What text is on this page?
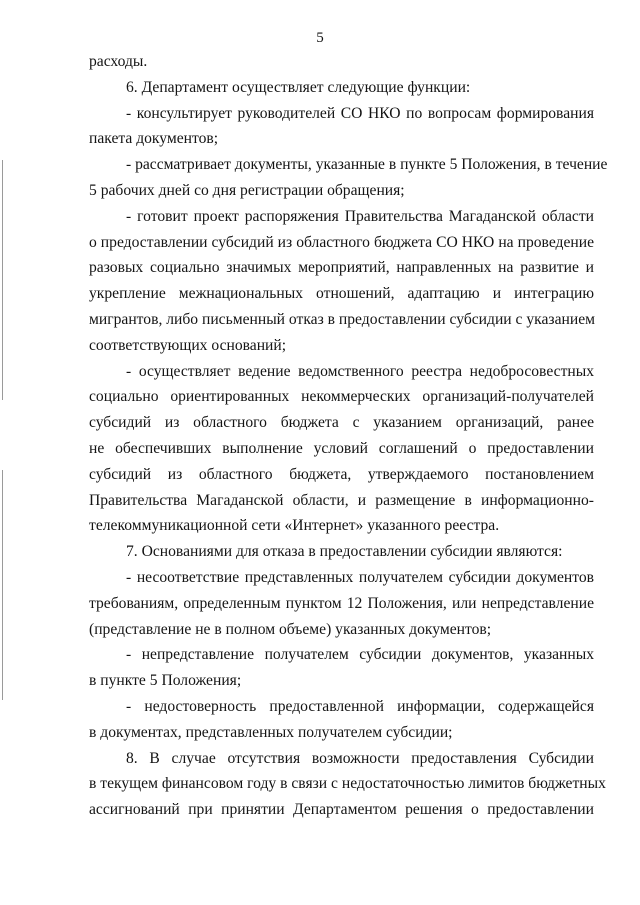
5
расходы.
6. Департамент осуществляет следующие функции:
- консультирует руководителей СО НКО по вопросам формирования
пакета документов;
- рассматривает документы, указанные в пункте 5 Положения, в течение
5 рабочих дней со дня регистрации обращения;
- готовит проект распоряжения Правительства Магаданской области
о предоставлении субсидий из областного бюджета СО НКО на проведение
разовых социально значимых мероприятий, направленных на развитие и
укрепление межнациональных отношений, адаптацию и интеграцию
мигрантов, либо письменный отказ в предоставлении субсидии с указанием
соответствующих оснований;
- осуществляет ведение ведомственного реестра недобросовестных
социально ориентированных некоммерческих организаций-получателей
субсидий из областного бюджета с указанием организаций, ранее
не обеспечивших выполнение условий соглашений о предоставлении
субсидий из областного бюджета, утверждаемого постановлением
Правительства Магаданской области, и размещение в информационно-
телекоммуникационной сети «Интернет» указанного реестра.
7. Основаниями для отказа в предоставлении субсидии являются:
- несоответствие представленных получателем субсидии документов
требованиям, определенным пунктом 12 Положения, или непредставление
(представление не в полном объеме) указанных документов;
- непредставление получателем субсидии документов, указанных
в пункте 5 Положения;
- недостоверность предоставленной информации, содержащейся
в документах, представленных получателем субсидии;
8. В случае отсутствия возможности предоставления Субсидии
в текущем финансовом году в связи с недостаточностью лимитов бюджетных
ассигнований при принятии Департаментом решения о предоставлении
